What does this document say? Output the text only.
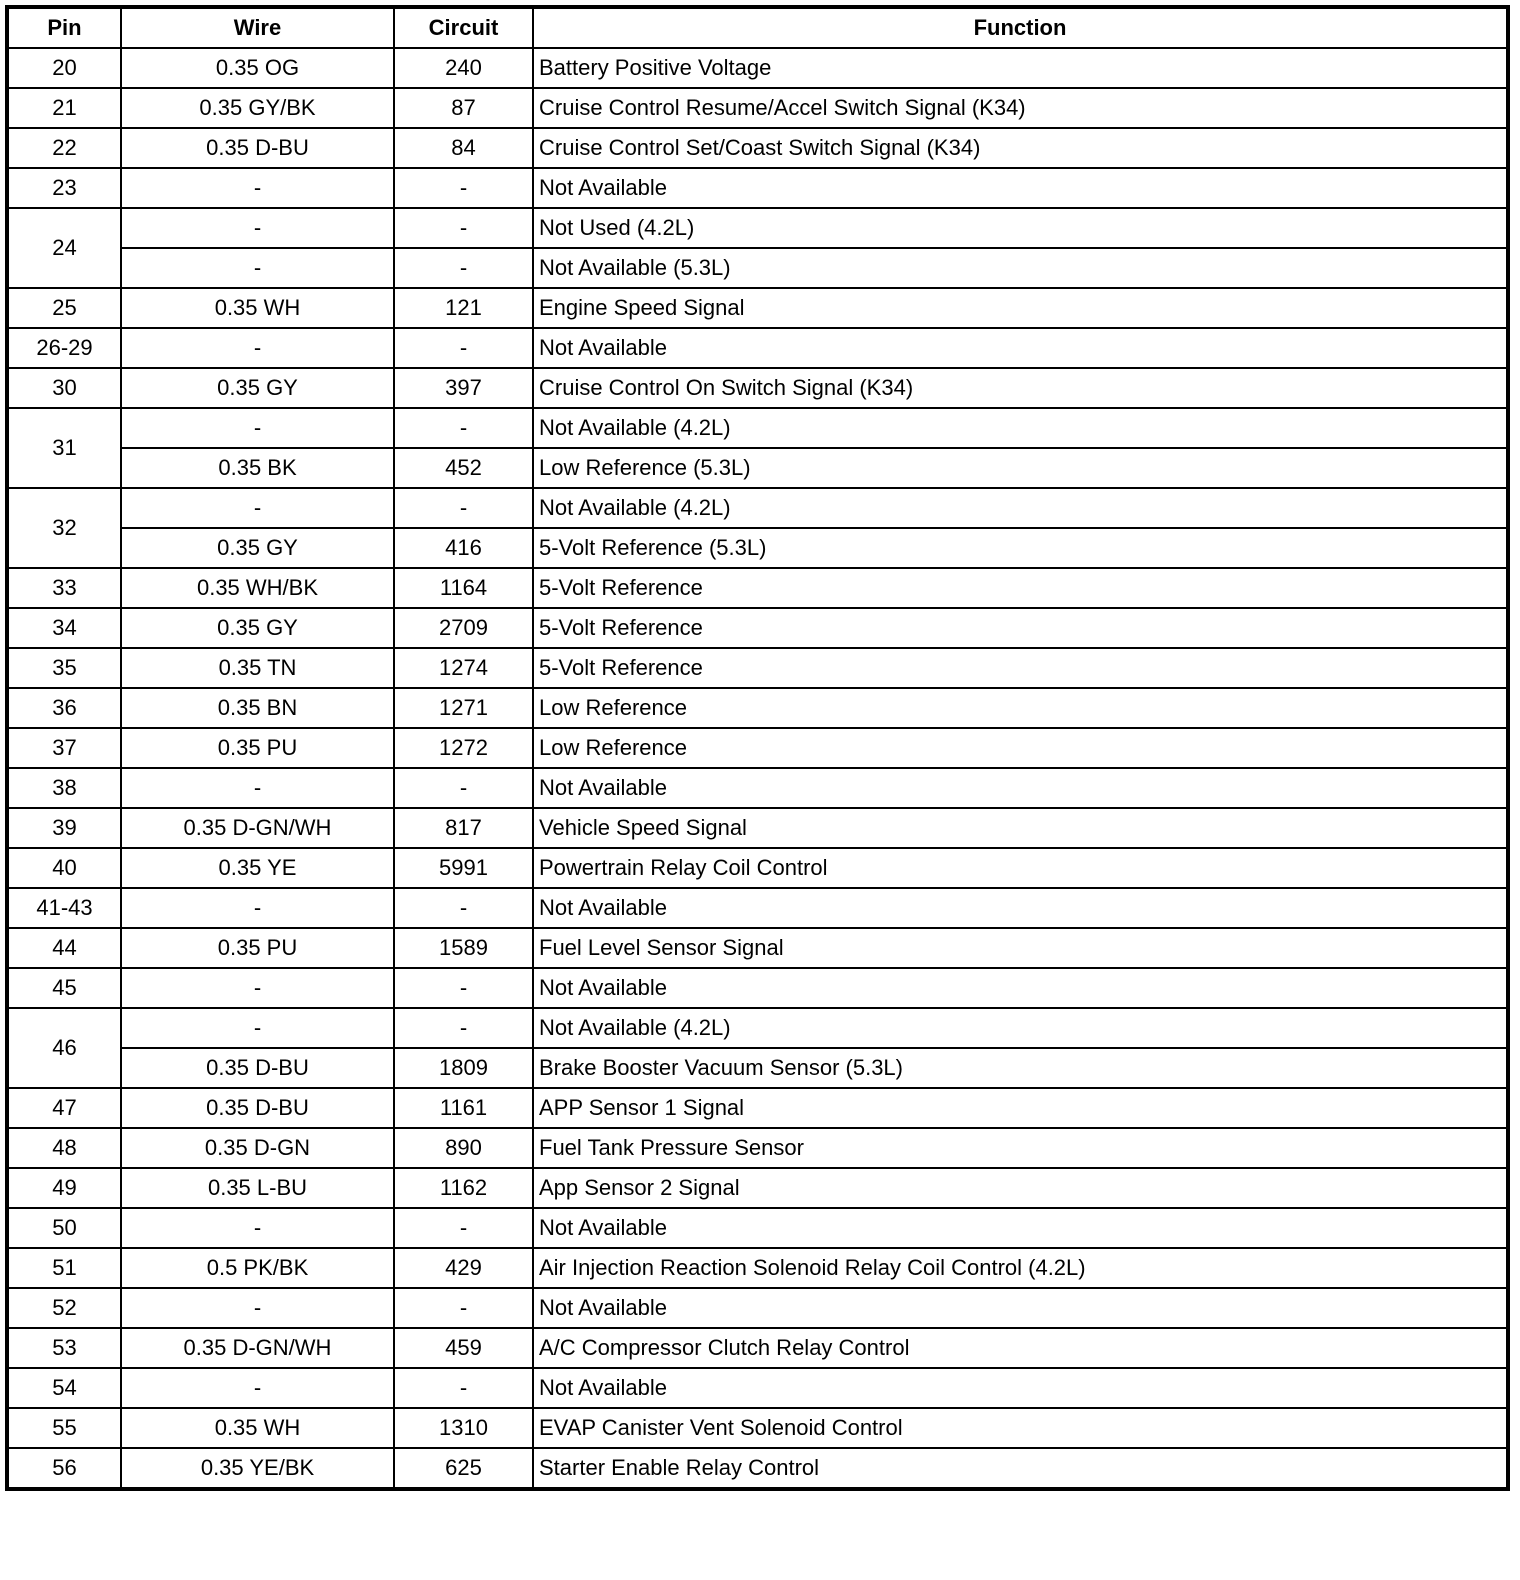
Pin	Wire	Circuit	Function
20	0.35 OG	240	Battery Positive Voltage
21	0.35 GY/BK	87	Cruise Control Resume/Accel Switch Signal (K34)
22	0.35 D-BU	84	Cruise Control Set/Coast Switch Signal (K34)
23	-	-	Not Available
24	-	-	Not Used (4.2L)
	-	-	Not Available (5.3L)
25	0.35 WH	121	Engine Speed Signal
26-29	-	-	Not Available
30	0.35 GY	397	Cruise Control On Switch Signal (K34)
31	-	-	Not Available (4.2L)
	0.35 BK	452	Low Reference (5.3L)
32	-	-	Not Available (4.2L)
	0.35 GY	416	5-Volt Reference (5.3L)
33	0.35 WH/BK	1164	5-Volt Reference
34	0.35 GY	2709	5-Volt Reference
35	0.35 TN	1274	5-Volt Reference
36	0.35 BN	1271	Low Reference
37	0.35 PU	1272	Low Reference
38	-	-	Not Available
39	0.35 D-GN/WH	817	Vehicle Speed Signal
40	0.35 YE	5991	Powertrain Relay Coil Control
41-43	-	-	Not Available
44	0.35 PU	1589	Fuel Level Sensor Signal
45	-	-	Not Available
46	-	-	Not Available (4.2L)
	0.35 D-BU	1809	Brake Booster Vacuum Sensor (5.3L)
47	0.35 D-BU	1161	APP Sensor 1 Signal
48	0.35 D-GN	890	Fuel Tank Pressure Sensor
49	0.35 L-BU	1162	App Sensor 2 Signal
50	-	-	Not Available
51	0.5 PK/BK	429	Air Injection Reaction Solenoid Relay Coil Control (4.2L)
52	-	-	Not Available
53	0.35 D-GN/WH	459	A/C Compressor Clutch Relay Control
54	-	-	Not Available
55	0.35 WH	1310	EVAP Canister Vent Solenoid Control
56	0.35 YE/BK	625	Starter Enable Relay Control
